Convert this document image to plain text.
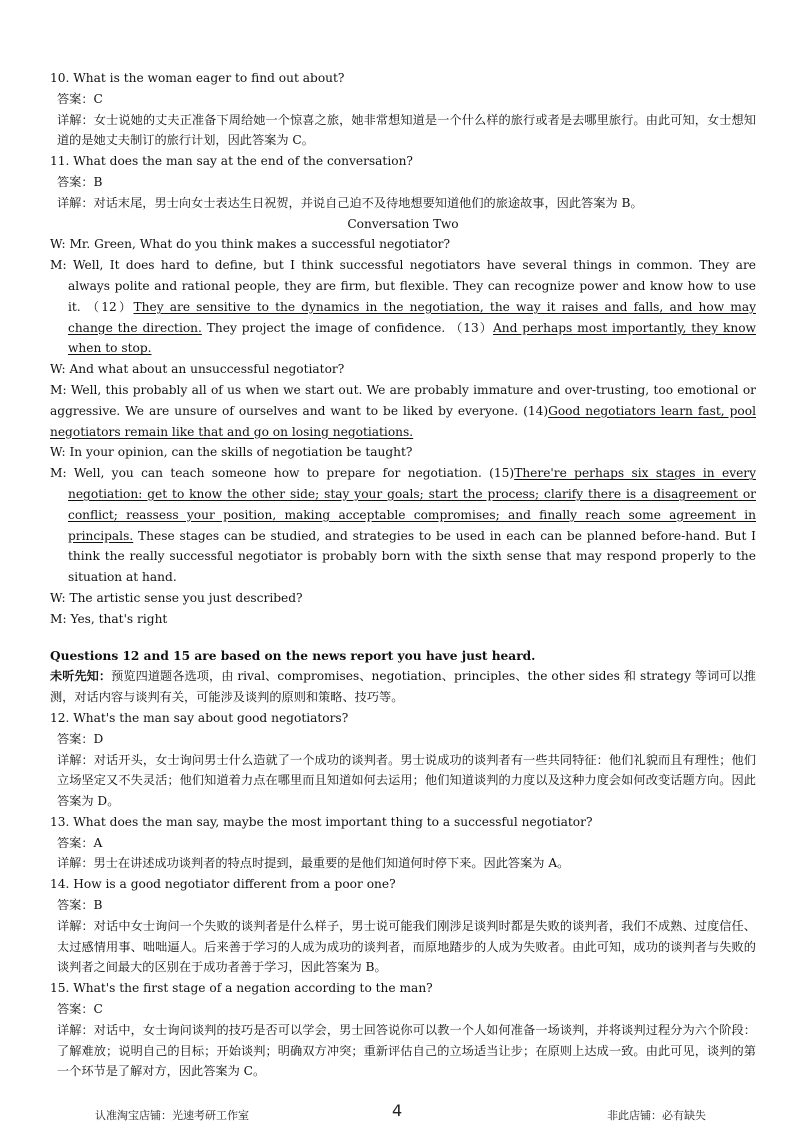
10. What is the woman eager to find out about?
答案：C

详解：女士说她的丈夫正准备下周给她一个惊喜之旅，她非常想知道是一个什么样的旅行或者是去哪里旅行。由此可知，女士想知道的是她丈夫制订的旅行计划，因此答案为 C。

11. What does the man say at the end of the conversation?
答案：B

详解：对话末尾，男士向女士表达生日祝贺，并说自己迫不及待地想要知道他们的旅途故事，因此答案为 B。

Conversation Two

W: Mr. Green, What do you think makes a successful negotiator?

M: Well, It does hard to define, but I think successful negotiators have several things in common. They are always polite and rational people, they are firm, but flexible. They can recognize power and know how to use it. （12）They are sensitive to the dynamics in the negotiation, the way it raises and falls, and how may change the direction. They project the image of confidence. （13）And perhaps most importantly, they know when to stop.

W: And what about an unsuccessful negotiator?

M: Well, this probably all of us when we start out. We are probably immature and over-trusting, too emotional or aggressive. We are unsure of ourselves and want to be liked by everyone. (14)Good negotiators learn fast, pool negotiators remain like that and go on losing negotiations.

W: In your opinion, can the skills of negotiation be taught?

M: Well, you can teach someone how to prepare for negotiation. (15)There're perhaps six stages in every negotiation: get to know the other side; stay your goals; start the process; clarify there is a disagreement or conflict; reassess your position, making acceptable compromises; and finally reach some agreement in principals. These stages can be studied, and strategies to be used in each can be planned before-hand. But I think the really successful negotiator is probably born with the sixth sense that may respond properly to the situation at hand.

W: The artistic sense you just described?

M: Yes, that's right

Questions 12 and 15 are based on the news report you have just heard.

未听先知：预览四道题各选项，由 rival、compromises、negotiation、principles、the other sides 和 strategy 等词可以推测，对话内容与谈判有关，可能涉及谈判的原则和策略、技巧等。

12. What's the man say about good negotiators?
答案：D

详解：对话开头，女士询问男士什么造就了一个成功的谈判者。男士说成功的谈判者有一些共同特征：他们礼貌而且有理性；他们立场坚定又不失灵活；他们知道着力点在哪里而且知道如何去运用；他们知道谈判的力度以及这种力度会如何改变话题方向。因此答案为 D。

13. What does the man say, maybe the most important thing to a successful negotiator?
答案：A

详解：男士在讲述成功谈判者的特点时提到，最重要的是他们知道何时停下来。因此答案为 A。

14. How is a good negotiator different from a poor one?
答案：B

详解：对话中女士询问一个失败的谈判者是什么样子，男士说可能我们刚涉足谈判时都是失败的谈判者，我们不成熟、过度信任、太过感情用事、咄咄逼人。后来善于学习的人成为成功的谈判者，而原地踏步的人成为失败者。由此可知，成功的谈判者与失败的谈判者之间最大的区别在于成功者善于学习，因此答案为 B。

15. What's the first stage of a negation according to the man?
答案：C

详解：对话中，女士询问谈判的技巧是否可以学会，男士回答说你可以教一个人如何准备一场谈判，并将谈判过程分为六个阶段：了解难放；说明自己的目标；开始谈判；明确双方冲突；重新评估自己的立场适当让步；在原则上达成一致。由此可见，谈判的第一个环节是了解对方，因此答案为 C。

认准淘宝店铺：光速考研工作室	4	非此店铺：必有缺失
